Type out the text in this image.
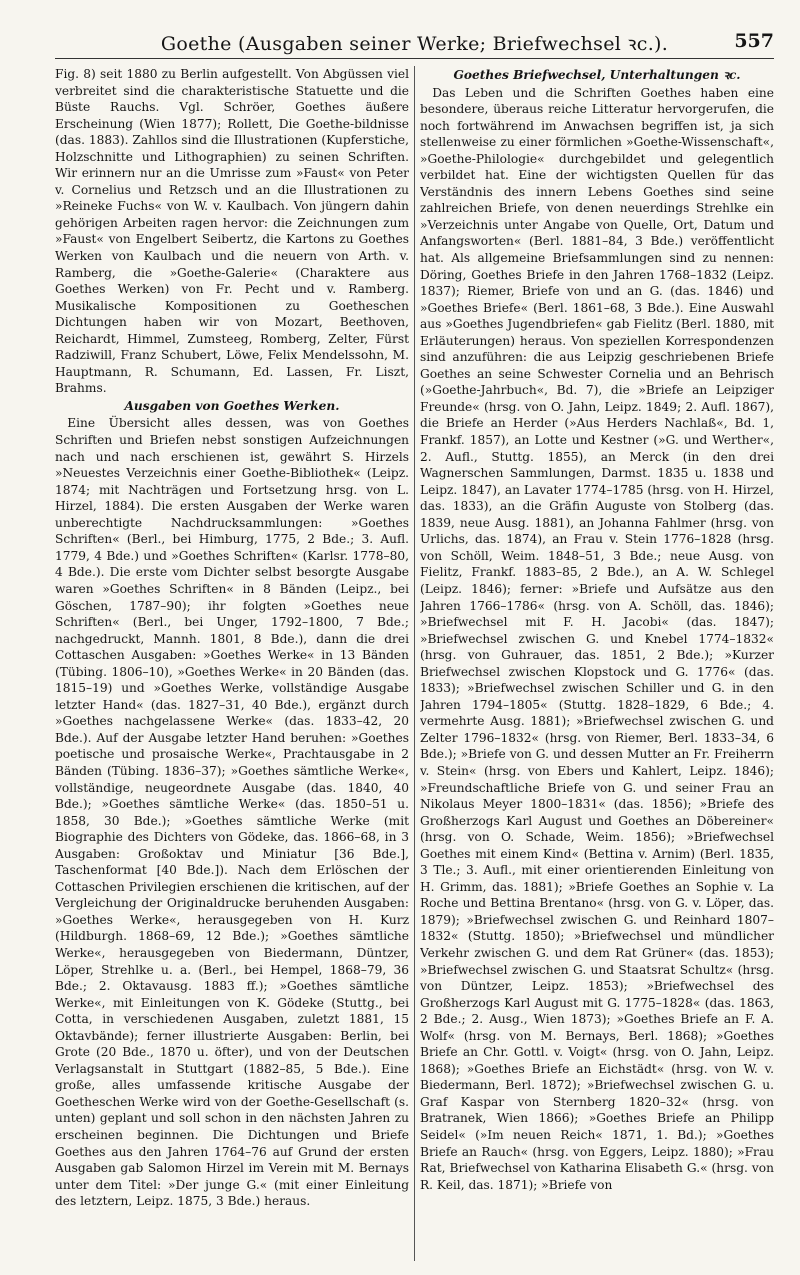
Goethe (Ausgaben seiner Werke; Briefwechsel ꝛc.).	557

Fig. 8) seit 1880 zu Berlin aufgestellt. Von Abgüssen viel verbreitet sind die charakteristische Statuette und die Büste Rauchs. Vgl. Schröer, Goethes äußere Erscheinung (Wien 1877); Rollett, Die Goethe-bildnisse (das. 1883). Zahllos sind die Illustrationen (Kupferstiche, Holzschnitte und Lithographien) zu seinen Schriften. Wir erinnern nur an die Umrisse zum »Faust« von Peter v. Cornelius und Retzsch und an die Illustrationen zu »Reineke Fuchs« von W. v. Kaulbach. Von jüngern dahin gehörigen Arbeiten ragen hervor: die Zeichnungen zum »Faust« von Engelbert Seibertz, die Kartons zu Goethes Werken von Kaulbach und die neuern von Arth. v. Ramberg, die »Goethe-Galerie« (Charaktere aus Goethes Werken) von Fr. Pecht und v. Ramberg. Musikalische Kompositionen zu Goetheschen Dichtungen haben wir von Mozart, Beethoven, Reichardt, Himmel, Zumsteeg, Romberg, Zelter, Fürst Radziwill, Franz Schubert, Löwe, Felix Mendelssohn, M. Hauptmann, R. Schumann, Ed. Lassen, Fr. Liszt, Brahms.

Ausgaben von Goethes Werken.

Eine Übersicht alles dessen, was von Goethes Schriften und Briefen nebst sonstigen Aufzeichnungen nach und nach erschienen ist, gewährt S. Hirzels »Neuestes Verzeichnis einer Goethe-Bibliothek« (Leipz. 1874; mit Nachträgen und Fortsetzung hrsg. von L. Hirzel, 1884). Die ersten Ausgaben der Werke waren unberechtigte Nachdrucksammlungen: »Goethes Schriften« (Berl., bei Himburg, 1775, 2 Bde.; 3. Aufl. 1779, 4 Bde.) und »Goethes Schriften« (Karlsr. 1778–80, 4 Bde.). Die erste vom Dichter selbst besorgte Ausgabe waren »Goethes Schriften« in 8 Bänden (Leipz., bei Göschen, 1787–90); ihr folgten »Goethes neue Schriften« (Berl., bei Unger, 1792–1800, 7 Bde.; nachgedruckt, Mannh. 1801, 8 Bde.), dann die drei Cottaschen Ausgaben: »Goethes Werke« in 13 Bänden (Tübing. 1806–10), »Goethes Werke« in 20 Bänden (das. 1815–19) und »Goethes Werke, vollständige Ausgabe letzter Hand« (das. 1827–31, 40 Bde.), ergänzt durch »Goethes nachgelassene Werke« (das. 1833–42, 20 Bde.). Auf der Ausgabe letzter Hand beruhen: »Goethes poetische und prosaische Werke«, Prachtausgabe in 2 Bänden (Tübing. 1836–37); »Goethes sämtliche Werke«, vollständige, neugeordnete Ausgabe (das. 1840, 40 Bde.); »Goethes sämtliche Werke« (das. 1850–51 u. 1858, 30 Bde.); »Goethes sämtliche Werke (mit Biographie des Dichters von Gödeke, das. 1866–68, in 3 Ausgaben: Großoktav und Miniatur [36 Bde.], Taschenformat [40 Bde.]). Nach dem Erlöschen der Cottaschen Privilegien erschienen die kritischen, auf der Vergleichung der Originaldrucke beruhenden Ausgaben: »Goethes Werke«, herausgegeben von H. Kurz (Hildburgh. 1868–69, 12 Bde.); »Goethes sämtliche Werke«, herausgegeben von Biedermann, Düntzer, Löper, Strehlke u. a. (Berl., bei Hempel, 1868–79, 36 Bde.; 2. Oktavausg. 1883 ff.); »Goethes sämtliche Werke«, mit Einleitungen von K. Gödeke (Stuttg., bei Cotta, in verschiedenen Ausgaben, zuletzt 1881, 15 Oktavbände); ferner illustrierte Ausgaben: Berlin, bei Grote (20 Bde., 1870 u. öfter), und von der Deutschen Verlagsanstalt in Stuttgart (1882–85, 5 Bde.). Eine große, alles umfassende kritische Ausgabe der Goetheschen Werke wird von der Goethe-Gesellschaft (s. unten) geplant und soll schon in den nächsten Jahren zu erscheinen beginnen. Die Dichtungen und Briefe Goethes aus den Jahren 1764–76 auf Grund der ersten Ausgaben gab Salomon Hirzel im Verein mit M. Bernays unter dem Titel: »Der junge G.« (mit einer Einleitung des letztern, Leipz. 1875, 3 Bde.) heraus.

Goethes Briefwechsel, Unterhaltungen ꝛc.

Das Leben und die Schriften Goethes haben eine besondere, überaus reiche Litteratur hervorgerufen, die noch fortwährend im Anwachsen begriffen ist, ja sich stellenweise zu einer förmlichen »Goethe-Wissenschaft«, »Goethe-Philologie« durchgebildet und gelegentlich verbildet hat. Eine der wichtigsten Quellen für das Verständnis des innern Lebens Goethes sind seine zahlreichen Briefe, von denen neuerdings Strehlke ein »Verzeichnis unter Angabe von Quelle, Ort, Datum und Anfangsworten« (Berl. 1881–84, 3 Bde.) veröffentlicht hat. Als allgemeine Briefsammlungen sind zu nennen: Döring, Goethes Briefe in den Jahren 1768–1832 (Leipz. 1837); Riemer, Briefe von und an G. (das. 1846) und »Goethes Briefe« (Berl. 1861–68, 3 Bde.). Eine Auswahl aus »Goethes Jugendbriefen« gab Fielitz (Berl. 1880, mit Erläuterungen) heraus. Von speziellen Korrespondenzen sind anzuführen: die aus Leipzig geschriebenen Briefe Goethes an seine Schwester Cornelia und an Behrisch (»Goethe-Jahrbuch«, Bd. 7), die »Briefe an Leipziger Freunde« (hrsg. von O. Jahn, Leipz. 1849; 2. Aufl. 1867), die Briefe an Herder (»Aus Herders Nachlaß«, Bd. 1, Frankf. 1857), an Lotte und Kestner (»G. und Werther«, 2. Aufl., Stuttg. 1855), an Merck (in den drei Wagnerschen Sammlungen, Darmst. 1835 u. 1838 und Leipz. 1847), an Lavater 1774–1785 (hrsg. von H. Hirzel, das. 1833), an die Gräfin Auguste von Stolberg (das. 1839, neue Ausg. 1881), an Johanna Fahlmer (hrsg. von Urlichs, das. 1874), an Frau v. Stein 1776–1828 (hrsg. von Schöll, Weim. 1848–51, 3 Bde.; neue Ausg. von Fielitz, Frankf. 1883–85, 2 Bde.), an A. W. Schlegel (Leipz. 1846); ferner: »Briefe und Aufsätze aus den Jahren 1766–1786« (hrsg. von A. Schöll, das. 1846); »Briefwechsel mit F. H. Jacobi« (das. 1847); »Briefwechsel zwischen G. und Knebel 1774–1832« (hrsg. von Guhrauer, das. 1851, 2 Bde.); »Kurzer Briefwechsel zwischen Klopstock und G. 1776« (das. 1833); »Briefwechsel zwischen Schiller und G. in den Jahren 1794–1805« (Stuttg. 1828–1829, 6 Bde.; 4. vermehrte Ausg. 1881); »Briefwechsel zwischen G. und Zelter 1796–1832« (hrsg. von Riemer, Berl. 1833–34, 6 Bde.); »Briefe von G. und dessen Mutter an Fr. Freiherrn v. Stein« (hrsg. von Ebers und Kahlert, Leipz. 1846); »Freundschaftliche Briefe von G. und seiner Frau an Nikolaus Meyer 1800–1831« (das. 1856); »Briefe des Großherzogs Karl August und Goethes an Döbereiner« (hrsg. von O. Schade, Weim. 1856); »Briefwechsel Goethes mit einem Kind« (Bettina v. Arnim) (Berl. 1835, 3 Tle.; 3. Aufl., mit einer orientierenden Einleitung von H. Grimm, das. 1881); »Briefe Goethes an Sophie v. La Roche und Bettina Brentano« (hrsg. von G. v. Löper, das. 1879); »Briefwechsel zwischen G. und Reinhard 1807–1832« (Stuttg. 1850); »Briefwechsel und mündlicher Verkehr zwischen G. und dem Rat Grüner« (das. 1853); »Briefwechsel zwischen G. und Staatsrat Schultz« (hrsg. von Düntzer, Leipz. 1853); »Briefwechsel des Großherzogs Karl August mit G. 1775–1828« (das. 1863, 2 Bde.; 2. Ausg., Wien 1873); »Goethes Briefe an F. A. Wolf« (hrsg. von M. Bernays, Berl. 1868); »Goethes Briefe an Chr. Gottl. v. Voigt« (hrsg. von O. Jahn, Leipz. 1868); »Goethes Briefe an Eichstädt« (hrsg. von W. v. Biedermann, Berl. 1872); »Briefwechsel zwischen G. u. Graf Kaspar von Sternberg 1820–32« (hrsg. von Bratranek, Wien 1866); »Goethes Briefe an Philipp Seidel« (»Im neuen Reich« 1871, 1. Bd.); »Goethes Briefe an Rauch« (hrsg. von Eggers, Leipz. 1880); »Frau Rat, Briefwechsel von Katharina Elisabeth G.« (hrsg. von R. Keil, das. 1871); »Briefe von
